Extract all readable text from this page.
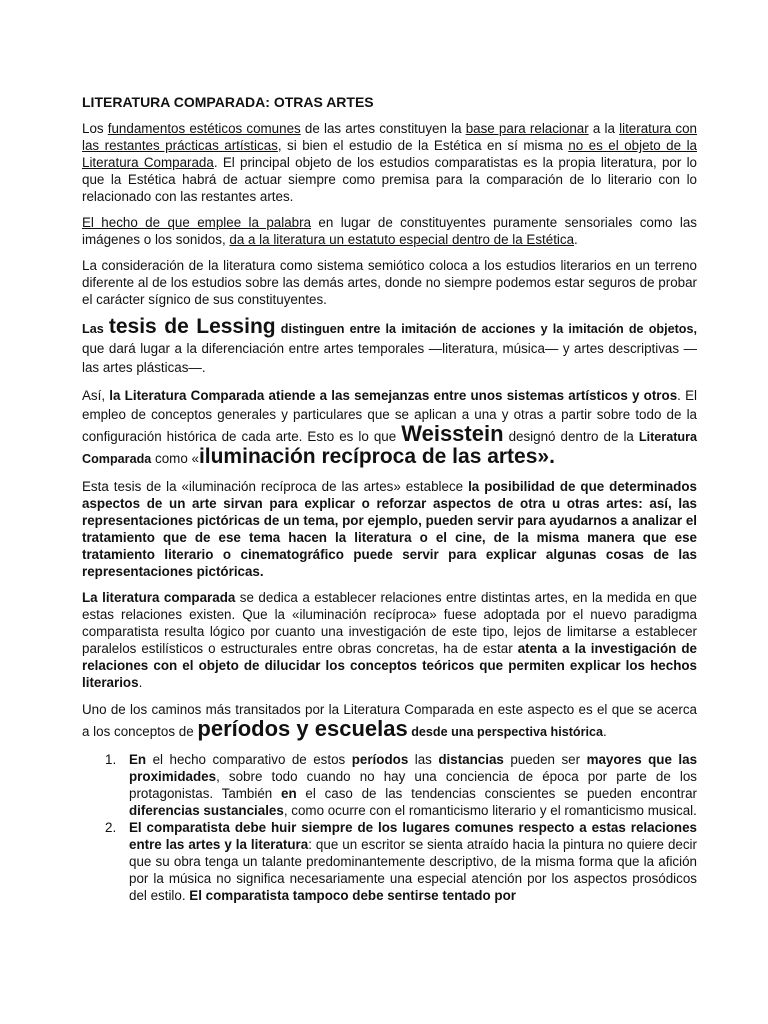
LITERATURA COMPARADA: OTRAS ARTES

Los fundamentos estéticos comunes de las artes constituyen la base para relacionar a la literatura con las restantes prácticas artísticas, si bien el estudio de la Estética en sí misma no es el objeto de la Literatura Comparada. El principal objeto de los estudios comparatistas es la propia literatura, por lo que la Estética habrá de actuar siempre como premisa para la comparación de lo literario con lo relacionado con las restantes artes.

El hecho de que emplee la palabra en lugar de constituyentes puramente sensoriales como las imágenes o los sonidos, da a la literatura un estatuto especial dentro de la Estética.

La consideración de la literatura como sistema semiótico coloca a los estudios literarios en un terreno diferente al de los estudios sobre las demás artes, donde no siempre podemos estar seguros de probar el carácter sígnico de sus constituyentes.

Las tesis de Lessing distinguen entre la imitación de acciones y la imitación de objetos, que dará lugar a la diferenciación entre artes temporales —literatura, música— y artes descriptivas —las artes plásticas—.

Así, la Literatura Comparada atiende a las semejanzas entre unos sistemas artísticos y otros. El empleo de conceptos generales y particulares que se aplican a una y otras a partir sobre todo de la configuración histórica de cada arte. Esto es lo que Weisstein designó dentro de la Literatura Comparada como «iluminación recíproca de las artes».

Esta tesis de la «iluminación recíproca de las artes» establece la posibilidad de que determinados aspectos de un arte sirvan para explicar o reforzar aspectos de otra u otras artes: así, las representaciones pictóricas de un tema, por ejemplo, pueden servir para ayudarnos a analizar el tratamiento que de ese tema hacen la literatura o el cine, de la misma manera que ese tratamiento literario o cinematográfico puede servir para explicar algunas cosas de las representaciones pictóricas.

La literatura comparada se dedica a establecer relaciones entre distintas artes, en la medida en que estas relaciones existen. Que la «iluminación recíproca» fuese adoptada por el nuevo paradigma comparatista resulta lógico por cuanto una investigación de este tipo, lejos de limitarse a establecer paralelos estilísticos o estructurales entre obras concretas, ha de estar atenta a la investigación de relaciones con el objeto de dilucidar los conceptos teóricos que permiten explicar los hechos literarios.

Uno de los caminos más transitados por la Literatura Comparada en este aspecto es el que se acerca a los conceptos de períodos y escuelas desde una perspectiva histórica.

1. En el hecho comparativo de estos períodos las distancias pueden ser mayores que las proximidades, sobre todo cuando no hay una conciencia de época por parte de los protagonistas. También en el caso de las tendencias conscientes se pueden encontrar diferencias sustanciales, como ocurre con el romanticismo literario y el romanticismo musical.
2. El comparatista debe huir siempre de los lugares comunes respecto a estas relaciones entre las artes y la literatura: que un escritor se sienta atraído hacia la pintura no quiere decir que su obra tenga un talante predominantemente descriptivo, de la misma forma que la afición por la música no significa necesariamente una especial atención por los aspectos prosódicos del estilo. El comparatista tampoco debe sentirse tentado por
